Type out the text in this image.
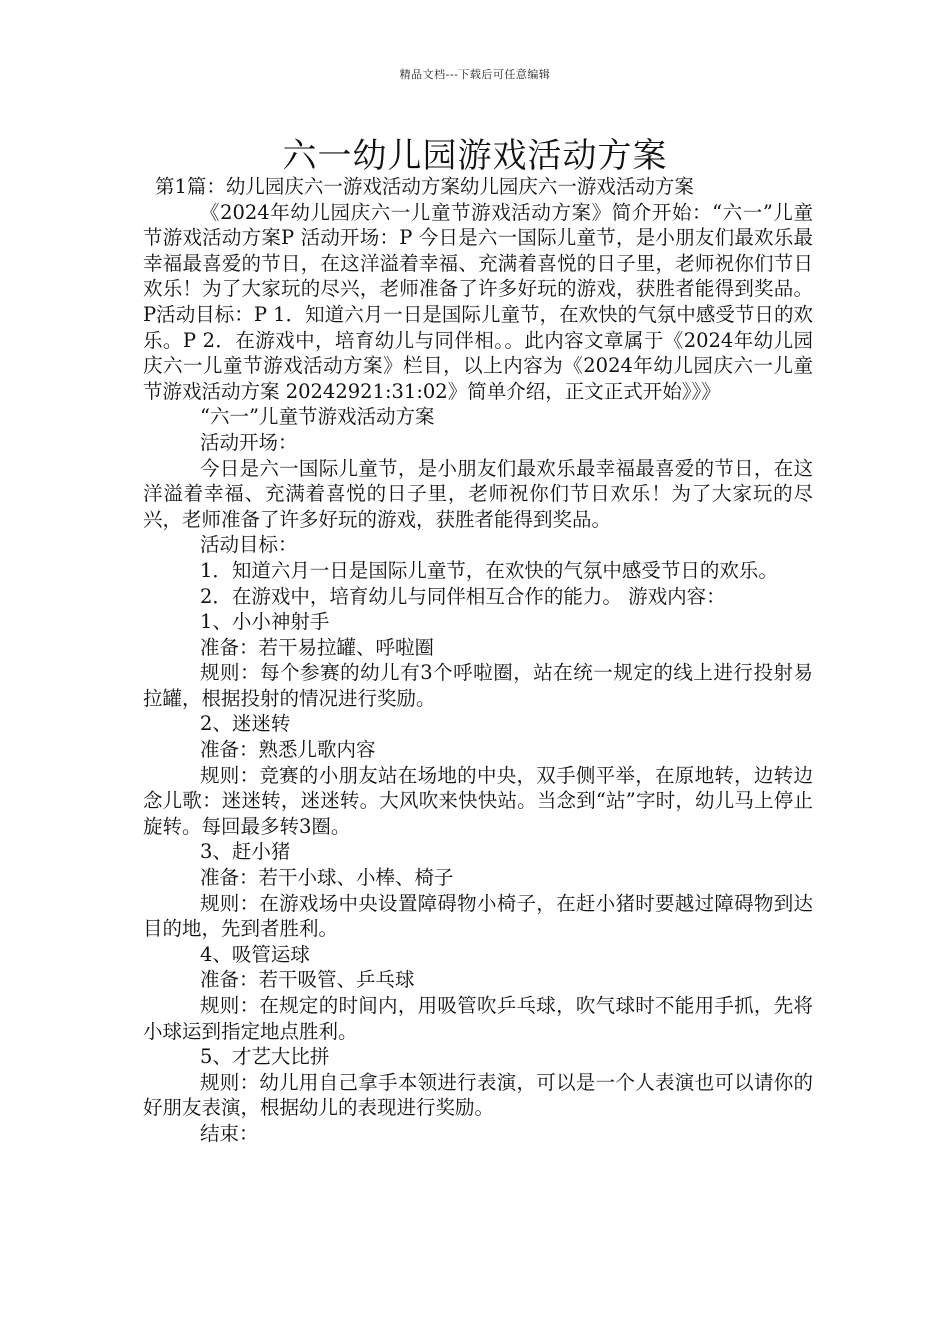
精品文档---下载后可任意编辑
六一幼儿园游戏活动方案

第1篇：幼儿园庆六一游戏活动方案幼儿园庆六一游戏活动方案

《2024年幼儿园庆六一儿童节游戏活动方案》简介开始：“六一”儿童节游戏活动方案P 活动开场：P 今日是六一国际儿童节，是小朋友们最欢乐最幸福最喜爱的节日，在这洋溢着幸福、充满着喜悦的日子里，老师祝你们节日欢乐！为了大家玩的尽兴，老师准备了许多好玩的游戏，获胜者能得到奖品。P活动目标：P 1．知道六月一日是国际儿童节，在欢快的气氛中感受节日的欢乐。P 2．在游戏中，培育幼儿与同伴相。。此内容文章属于《2024年幼儿园庆六一儿童节游戏活动方案》栏目，以上内容为《2024年幼儿园庆六一儿童节游戏活动方案 20242921:31:02》简单介绍，正文正式开始》》》

“六一”儿童节游戏活动方案

活动开场：

今日是六一国际儿童节，是小朋友们最欢乐最幸福最喜爱的节日，在这洋溢着幸福、充满着喜悦的日子里，老师祝你们节日欢乐！为了大家玩的尽兴，老师准备了许多好玩的游戏，获胜者能得到奖品。

活动目标：

1．知道六月一日是国际儿童节，在欢快的气氛中感受节日的欢乐。

2．在游戏中，培育幼儿与同伴相互合作的能力。 游戏内容：

1、小小神射手

准备：若干易拉罐、呼啦圈

规则：每个参赛的幼儿有3个呼啦圈，站在统一规定的线上进行投射易拉罐，根据投射的情况进行奖励。

2、迷迷转

准备：熟悉儿歌内容

规则：竞赛的小朋友站在场地的中央，双手侧平举，在原地转，边转边念儿歌：迷迷转，迷迷转。大风吹来快快站。当念到“站”字时，幼儿马上停止旋转。每回最多转3圈。

3、赶小猪

准备：若干小球、小棒、椅子

规则：在游戏场中央设置障碍物小椅子，在赶小猪时要越过障碍物到达目的地，先到者胜利。

4、吸管运球

准备：若干吸管、乒乓球

规则：在规定的时间内，用吸管吹乒乓球，吹气球时不能用手抓，先将小球运到指定地点胜利。

5、才艺大比拼

规则：幼儿用自己拿手本领进行表演，可以是一个人表演也可以请你的好朋友表演，根据幼儿的表现进行奖励。

结束：
